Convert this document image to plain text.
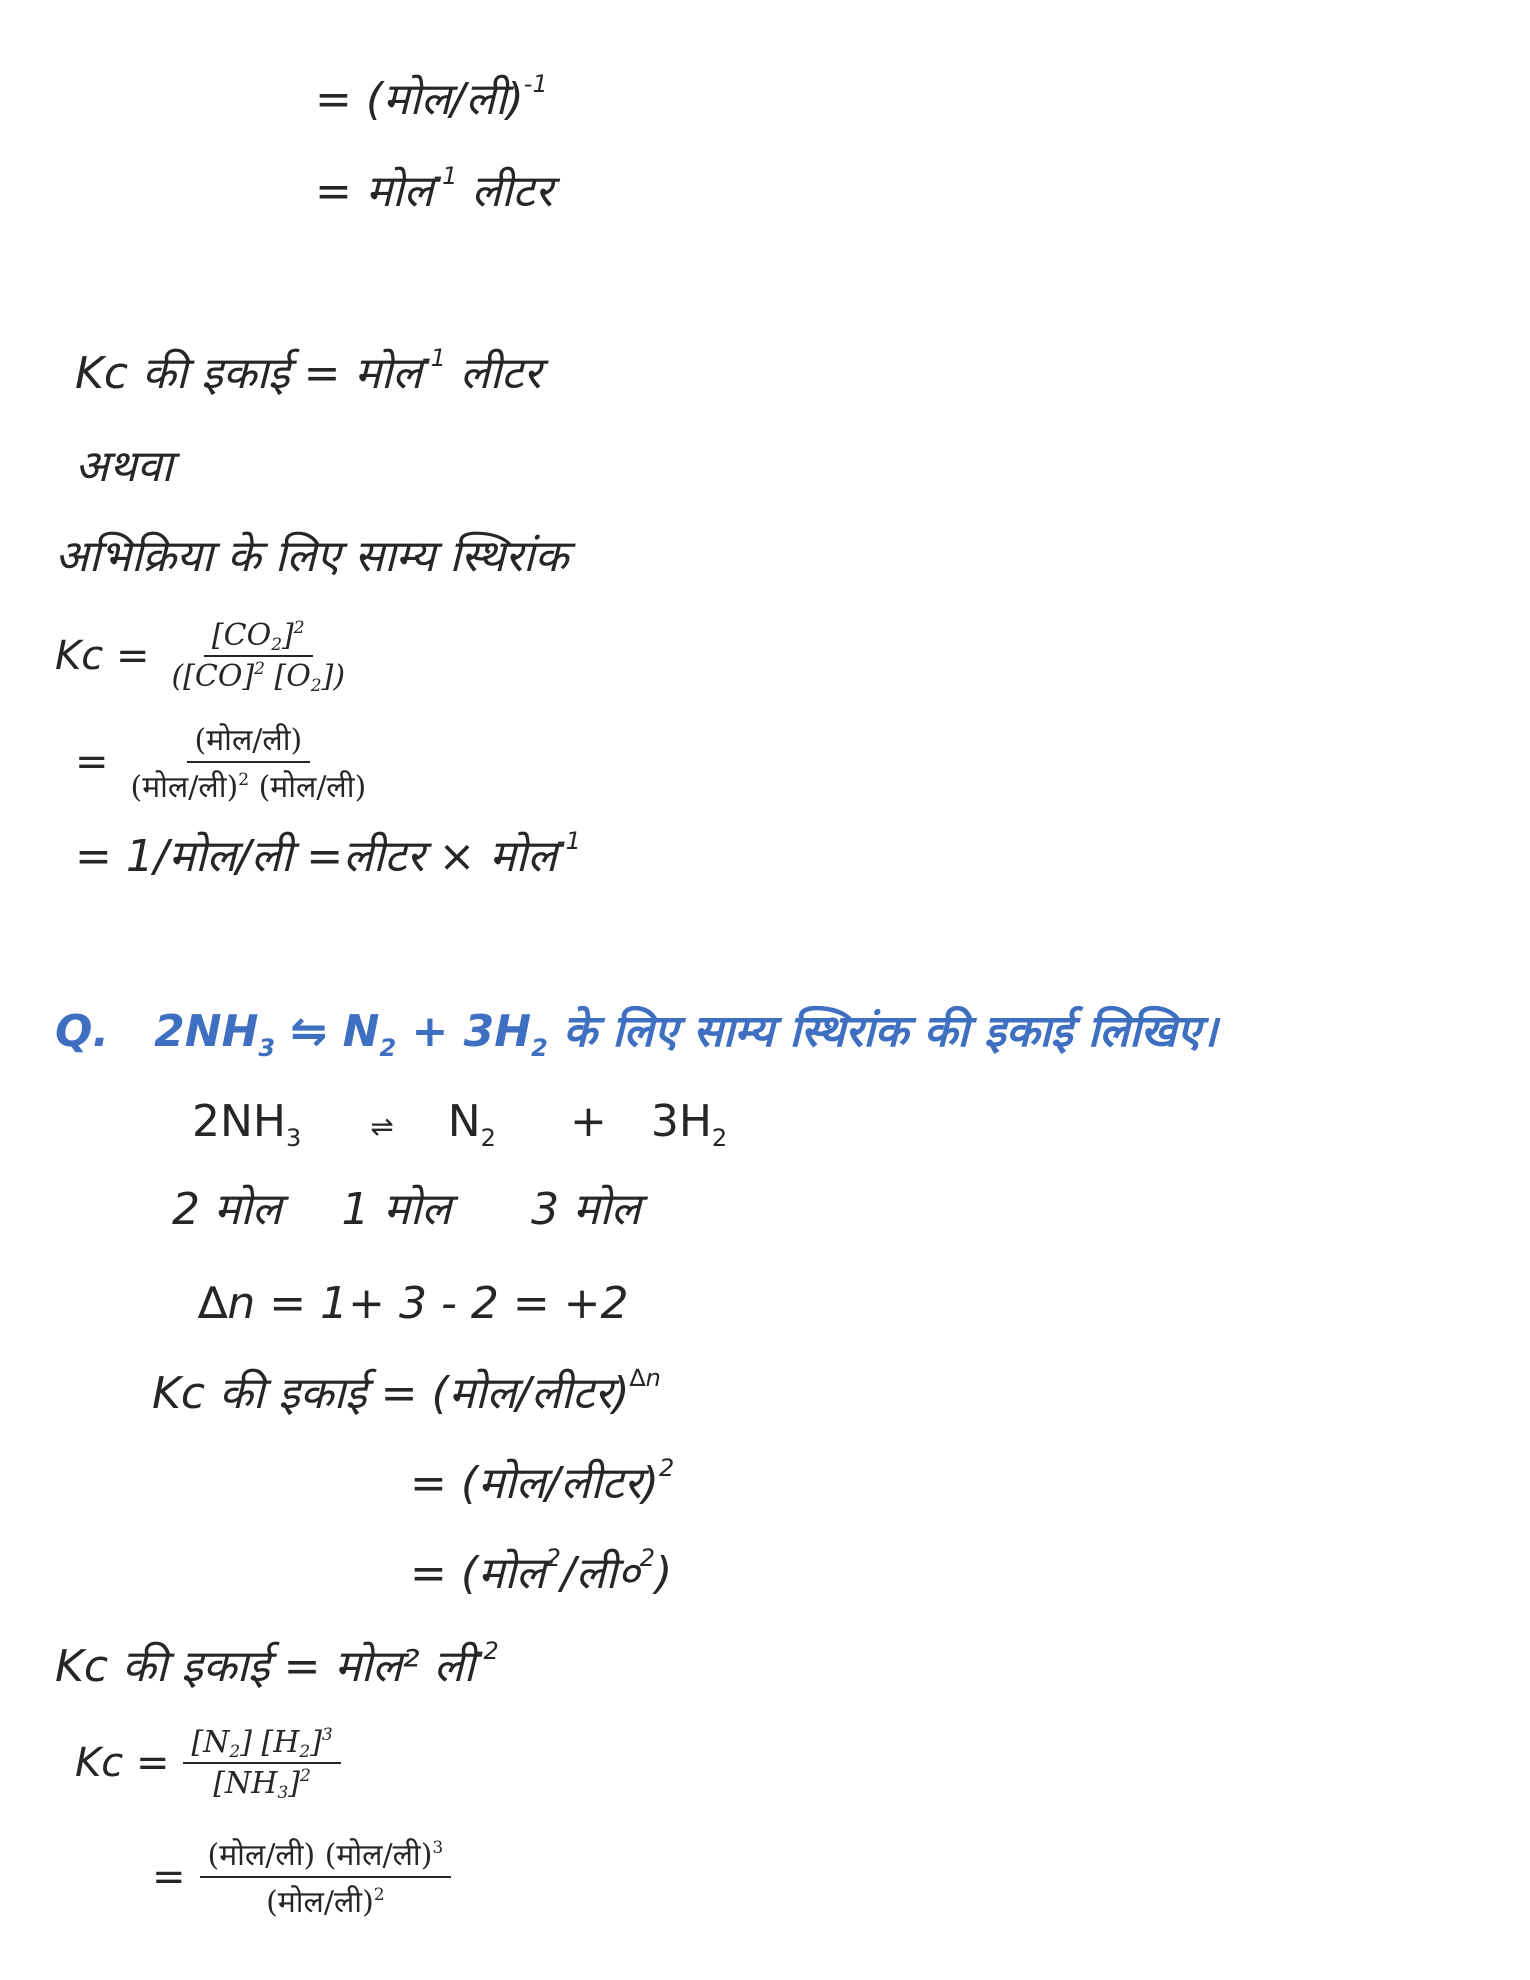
= (मोल/ली)$^{-1}$
= मोल$^{-1}$ लीटर
Kc की इकाई = मोल$^{-1}$ लीटर
अथवा
अभिक्रिया के लिए साम्य स्थिरांक
$Kc = \frac{[CO2]^2}{([CO]^2 [O2])}$
= $\frac{\text{(मोल/ली)}}{(मोल/ली)^2 (मोल/ली)}$
= 1/मोल/ली =लीटर × मोल$^{-1}$
Q. $2NH_3$ ⇋ $N_2 + 3H_2$ के लिए साम्य स्थिरांक की इकाई लिखिए।
$2NH_3$ ⇌ $N_2 + 3H_2$
2 मोल 1 मोल 3 मोल
∆n = 1+ 3 - 2 = +2
Kc की इकाई = (मोल/लीटर)$^{\Delta n}$
= (मोल/लीटर)$^2$
= $(मोल^2/ली०^2)$
Kc की इकाई = मोल² ली$^{-2}$
$Kc = \frac{[N2] [H2]^3}{[NH3]^2}$
= $\frac{(मोल/ली) (मोल/ली)^3}{(मोल/ली)^2}$
